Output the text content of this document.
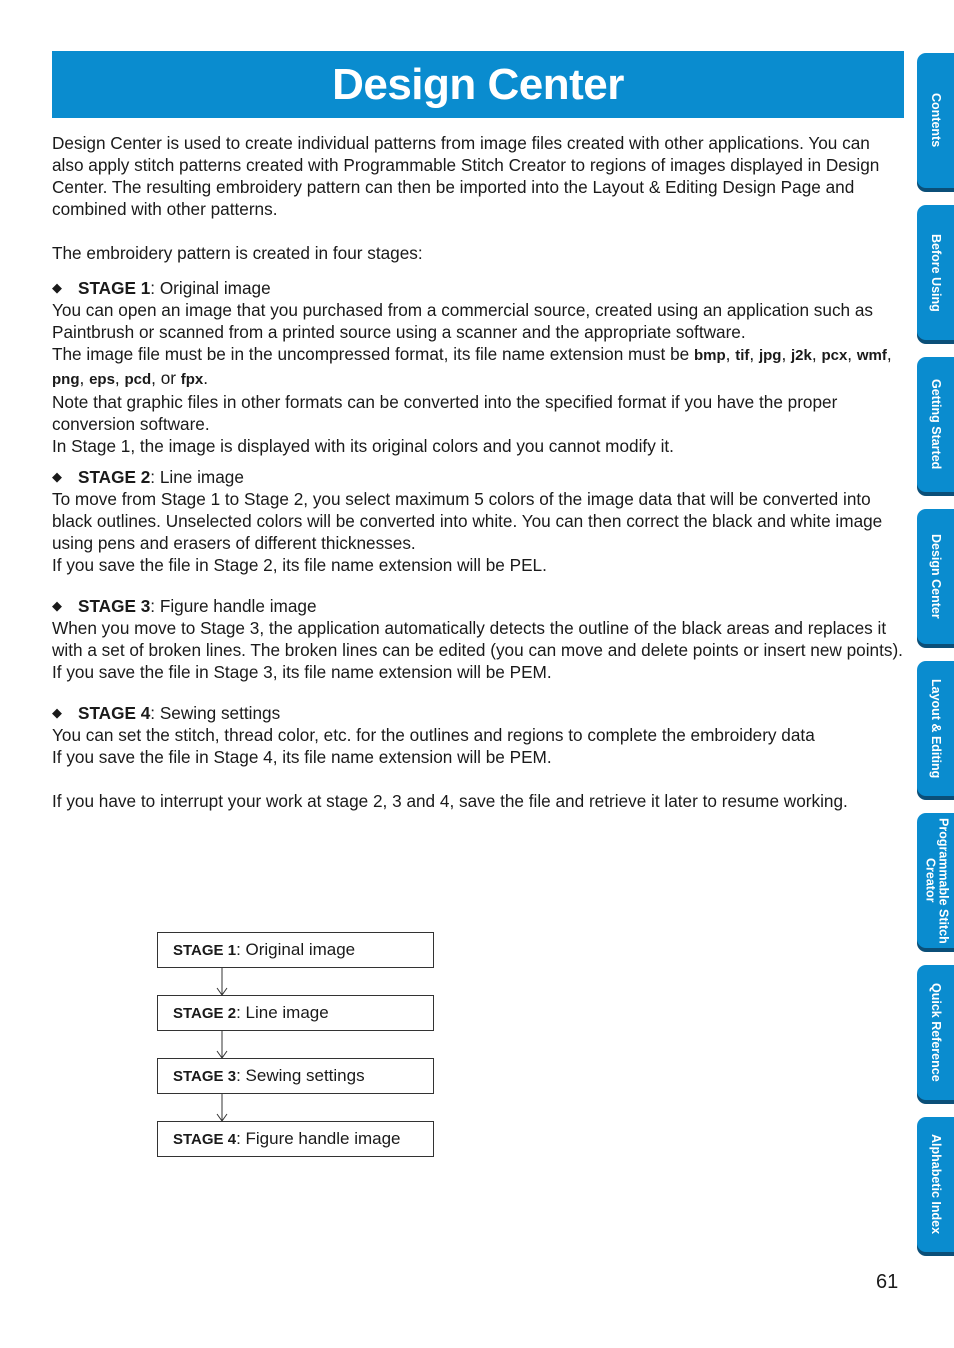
Design Center

Design Center is used to create individual patterns from image files created with other applications. You can also apply stitch patterns created with Programmable Stitch Creator to regions of images displayed in Design Center. The resulting embroidery pattern can then be imported into the Layout & Editing Design Page and combined with other patterns.

The embroidery pattern is created in four stages:

◆ STAGE 1 : Original image

You can open an image that you purchased from a commercial source, created using an application such as Paintbrush or scanned from a printed source using a scanner and the appropriate software.

The image file must be in the uncompressed format, its file name extension must be bmp, tif, jpg, j2k, pcx, wmf, png, eps, pcd, or fpx.

Note that graphic files in other formats can be converted into the specified format if you have the proper conversion software.

In Stage 1, the image is displayed with its original colors and you cannot modify it.

◆ STAGE 2 : Line image

To move from Stage 1 to Stage 2, you select maximum 5 colors of the image data that will be converted into black outlines. Unselected colors will be converted into white. You can then correct the black and white image using pens and erasers of different thicknesses.

If you save the file in Stage 2, its file name extension will be PEL.

◆ STAGE 3 : Figure handle image

When you move to Stage 3, the application automatically detects the outline of the black areas and replaces it with a set of broken lines. The broken lines can be edited (you can move and delete points or insert new points).

If you save the file in Stage 3, its file name extension will be PEM.

◆ STAGE 4 : Sewing settings

You can set the stitch, thread color, etc. for the outlines and regions to complete the embroidery data

If you save the file in Stage 4, its file name extension will be PEM.

If you have to interrupt your work at stage 2, 3 and 4, save the file and retrieve it later to resume working.

STAGE 1 : Original image
STAGE 2 : Line image
STAGE 3 : Sewing settings
STAGE 4 : Figure handle image
Contents
Before Using
Getting Started
Design Center
Layout & Editing
Programmable Stitch Creator
Quick Reference
Alphabetic Index
61
